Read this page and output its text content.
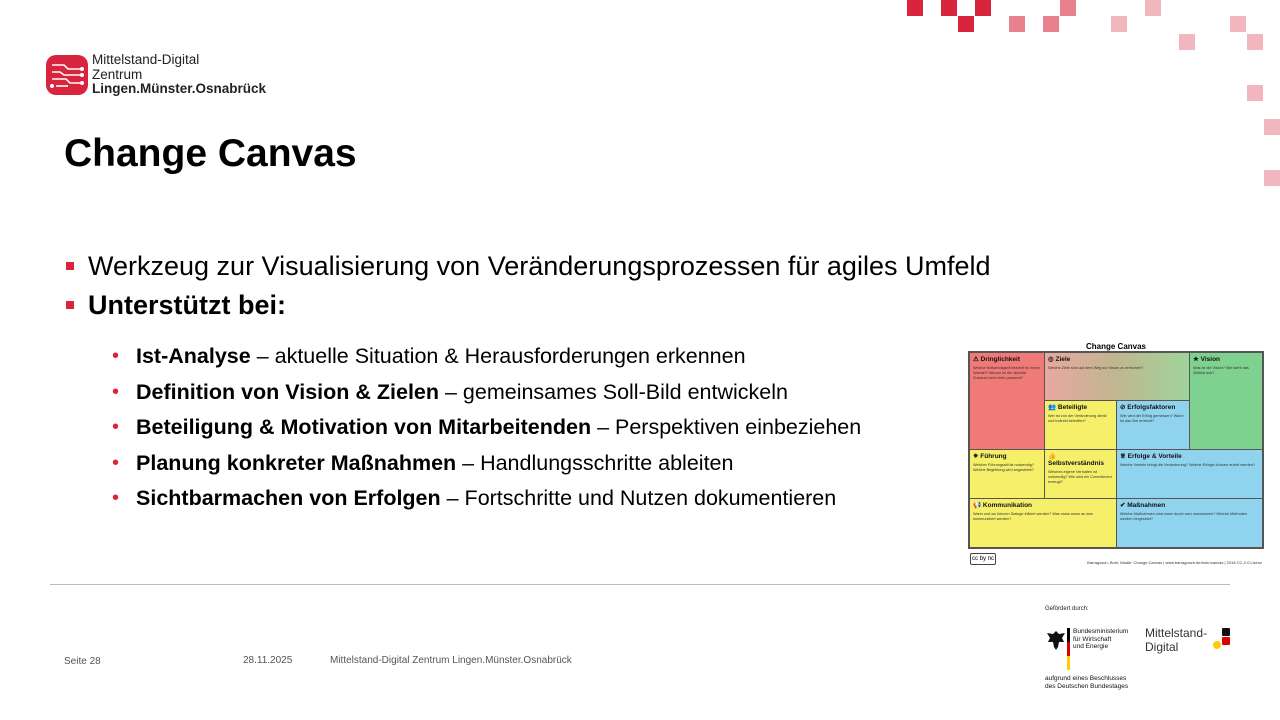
Mittelstand-Digital
Zentrum
Lingen.Münster.Osnabrück
Change Canvas
Werkzeug zur Visualisierung von Veränderungsprozessen für agiles Umfeld
Unterstützt bei:
• Ist-Analyse – aktuelle Situation & Herausforderungen erkennen
• Definition von Vision & Zielen – gemeinsames Soll-Bild entwickeln
• Beteiligung & Motivation von Mitarbeitenden – Perspektiven einbeziehen
• Planung konkreter Maßnahmen – Handlungsschritte ableiten
• Sichtbarmachen von Erfolgen – Fortschritte und Nutzen dokumentieren
Change Canvas
⚠ Dringlichkeit
Welche Notwendigkeit besteht für einen Wandel? Warum ist der aktuelle Zustand nicht mehr passend?
◎ Ziele
Welche Ziele sind auf dem Weg zur Vision zu erreichen?
★ Vision
Was ist die Vision? Wie sieht das Zielbild aus?
👥 Beteiligte
Wer ist von der Veränderung direkt und indirekt betroffen?
⊘ Erfolgsfaktoren
Wie wird der Erfolg gemessen? Wann ist das Ziel erreicht?
✷ Führung
Welcher Führungsstil ist notwendig? Welche Begleitung wird angestrebt?
👍 Selbstverständnis
Welches eigene Verhalten ist notwendig? Wie wird ein Commitment erzeugt?
♕ Erfolge & Vorteile
Welche Vorteile bringt die Veränderung? Welche Erfolge können erzielt werden?
📢 Kommunikation
Wann und wo können Dialoge initiiert werden? Was muss wann an wen kommuniziert werden?
✔ Maßnahmen
Welche Maßnahmen sind wann durch wen umzusetzen? Welche Methoden werden eingesetzt?
cc by nc
Barragosch, Buhr, Madle: Change Canvas | www.barragosch.de/buhr/canvas | 2018 CC-2.0 Lizenz
Seite 28	28.11.2025	Mittelstand-Digital Zentrum Lingen.Münster.Osnabrück
Gefördert durch:
Bundesministerium
für Wirtschaft
und Energie
Mittelstand-
Digital
aufgrund eines Beschlusses
des Deutschen Bundestages
